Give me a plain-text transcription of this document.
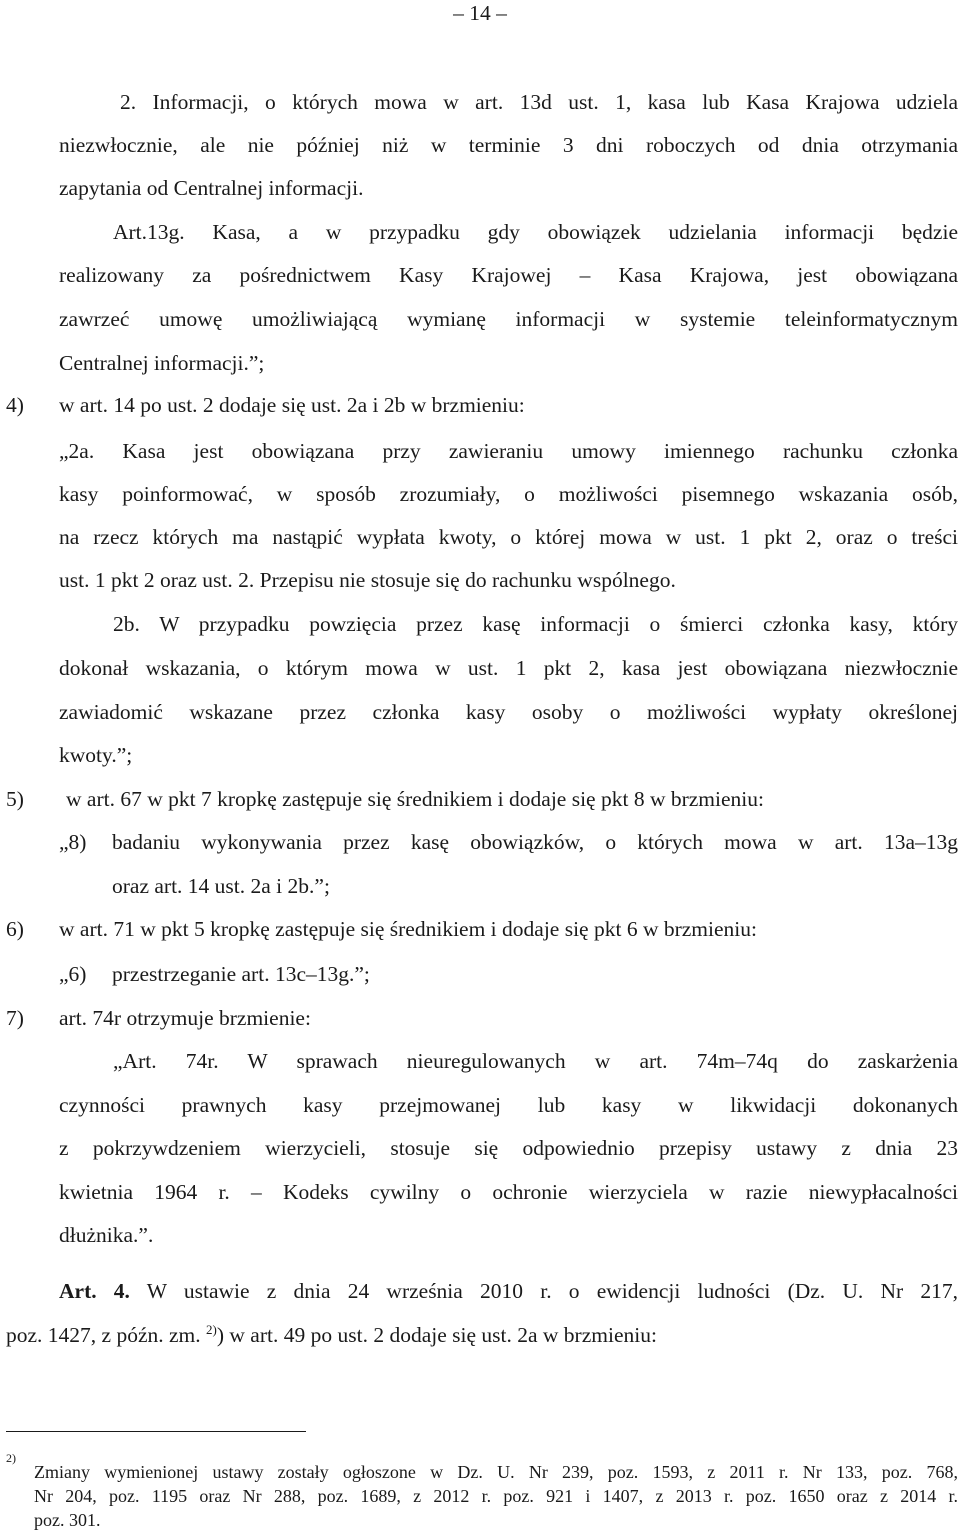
– 14 –
2. Informacji, o których mowa w art. 13d ust. 1, kasa lub Kasa Krajowa udziela
niezwłocznie, ale nie później niż w terminie 3 dni roboczych od dnia otrzymania
zapytania od Centralnej informacji.
Art.13g. Kasa, a w przypadku gdy obowiązek udzielania informacji będzie
realizowany za pośrednictwem Kasy Krajowej – Kasa Krajowa, jest obowiązana
zawrzeć umowę umożliwiającą wymianę informacji w systemie teleinformatycznym
Centralnej informacji.”;
4)	w art. 14 po ust. 2 dodaje się ust. 2a i 2b w brzmieniu:
„2a. Kasa jest obowiązana przy zawieraniu umowy imiennego rachunku członka
kasy poinformować, w sposób zrozumiały, o możliwości pisemnego wskazania osób,
na rzecz których ma nastąpić wypłata kwoty, o której mowa w ust. 1 pkt 2, oraz o treści
ust. 1 pkt 2 oraz ust. 2. Przepisu nie stosuje się do rachunku wspólnego.
2b. W przypadku powzięcia przez kasę informacji o śmierci członka kasy, który
dokonał wskazania, o którym mowa w ust. 1 pkt 2, kasa jest obowiązana niezwłocznie
zawiadomić wskazane przez członka kasy osoby o możliwości wypłaty określonej
kwoty.”;
5)	w art. 67 w pkt 7 kropkę zastępuje się średnikiem i dodaje się pkt 8 w brzmieniu:
„8)	badaniu wykonywania przez kasę obowiązków, o których mowa w art. 13a–13g
oraz art. 14 ust. 2a i 2b.”;
6)	w art. 71 w pkt 5 kropkę zastępuje się średnikiem i dodaje się pkt 6 w brzmieniu:
„6)	przestrzeganie art. 13c–13g.”;
7)	art. 74r otrzymuje brzmienie:
„Art. 74r. W sprawach nieuregulowanych w art. 74m–74q do zaskarżenia
czynności prawnych kasy przejmowanej lub kasy w likwidacji dokonanych
z pokrzywdzeniem wierzycieli, stosuje się odpowiednio przepisy ustawy z dnia 23
kwietnia 1964 r. – Kodeks cywilny o ochronie wierzyciela w razie niewypłacalności
dłużnika.”.
Art. 4. W ustawie z dnia 24 września 2010 r. o ewidencji ludności (Dz. U. Nr 217,
poz. 1427, z późn. zm. $^{2)}$) w art. 49 po ust. 2 dodaje się ust. 2a w brzmieniu:
$^{2)}$
Zmiany wymienionej ustawy zostały ogłoszone w Dz. U. Nr 239, poz. 1593, z 2011 r. Nr 133, poz. 768,
Nr 204, poz. 1195 oraz Nr 288, poz. 1689, z 2012 r. poz. 921 i 1407, z 2013 r. poz. 1650 oraz z 2014 r.
poz. 301.
